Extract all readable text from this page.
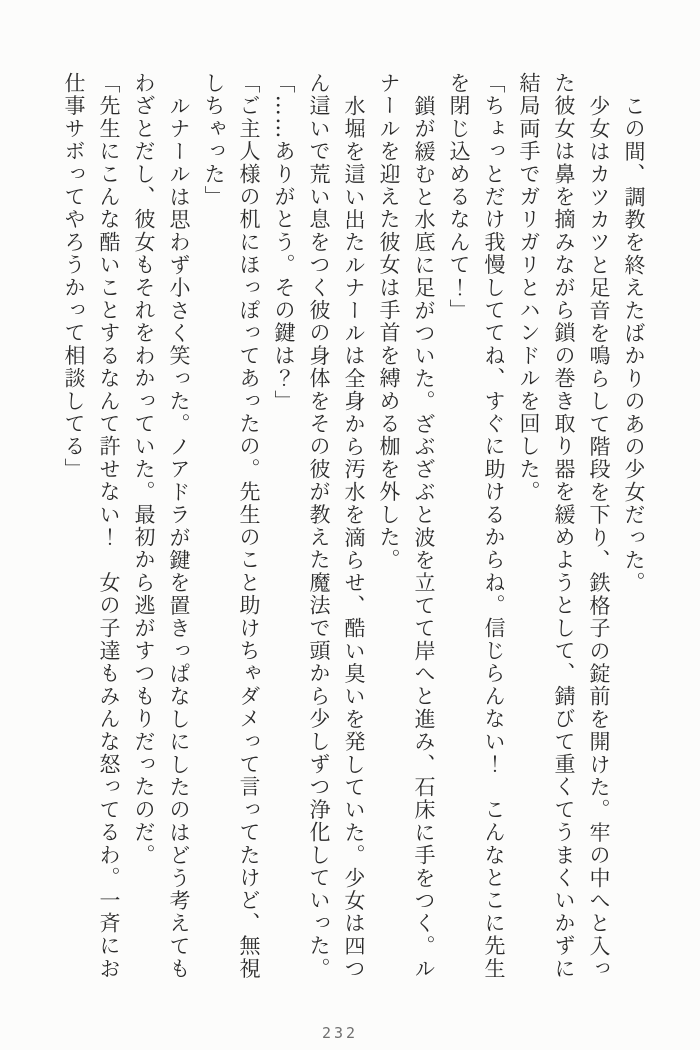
この間、調教を終えたばかりのあの少女だった。

少女はカツカツと足音を鳴らして階段を下り、鉄格子の錠前を開けた。牢の中へと入っ

た彼女は鼻を摘みながら鎖の巻き取り器を緩めようとして、錆びて重くてうまくいかずに

結局両手でガリガリとハンドルを回した。

「ちょっとだけ我慢しててね、すぐに助けるからね。信じらんない！　こんなとこに先生

を閉じ込めるなんて！」

鎖が緩むと水底に足がついた。ざぶざぶと波を立てて岸へと進み、石床に手をつく。ル

ナールを迎えた彼女は手首を縛める枷を外した。

水堀を這い出たルナールは全身から汚水を滴らせ、酷い臭いを発していた。少女は四つ

ん這いで荒い息をつく彼の身体をその彼が教えた魔法で頭から少しずつ浄化していった。

「……ありがとう。その鍵は？」

「ご主人様の机にほっぽってあったの。先生のこと助けちゃダメって言ってたけど、無視

しちゃった」

ルナールは思わず小さく笑った。ノアドラが鍵を置きっぱなしにしたのはどう考えても

わざとだし、彼女もそれをわかっていた。最初から逃がすつもりだったのだ。

「先生にこんな酷いことするなんて許せない！　女の子達もみんな怒ってるわ。一斉にお

仕事サボってやろうかって相談してる」

232
